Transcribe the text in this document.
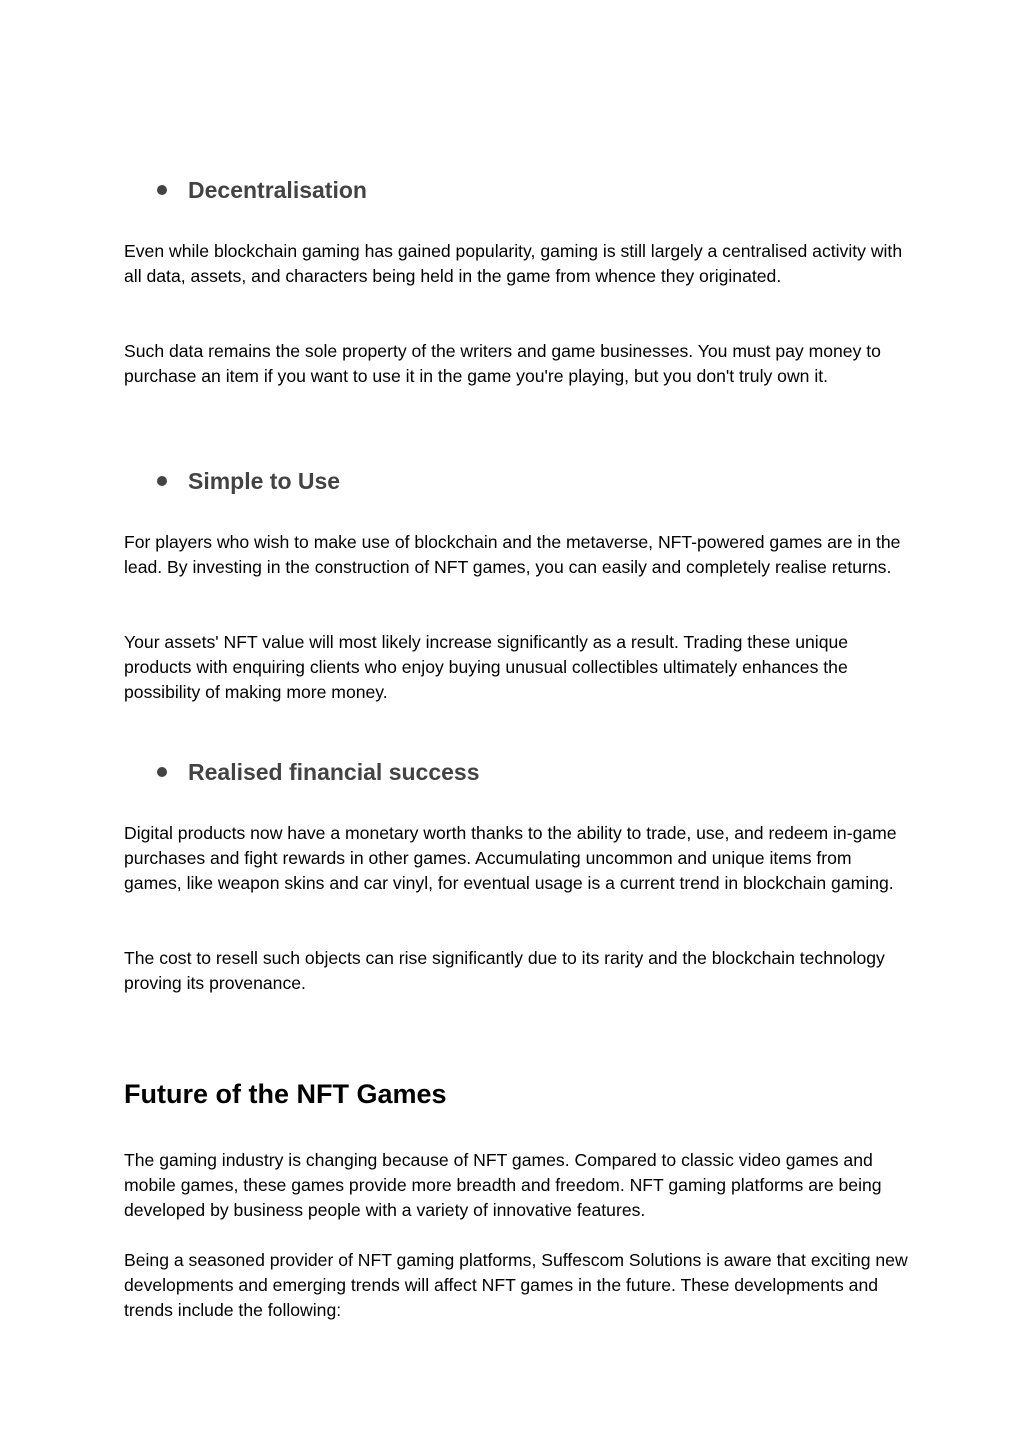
Decentralisation

Even while blockchain gaming has gained popularity, gaming is still largely a centralised activity with all data, assets, and characters being held in the game from whence they originated.

Such data remains the sole property of the writers and game businesses. You must pay money to purchase an item if you want to use it in the game you're playing, but you don't truly own it.

Simple to Use

For players who wish to make use of blockchain and the metaverse, NFT-powered games are in the lead. By investing in the construction of NFT games, you can easily and completely realise returns.

Your assets' NFT value will most likely increase significantly as a result. Trading these unique products with enquiring clients who enjoy buying unusual collectibles ultimately enhances the possibility of making more money.

Realised financial success

Digital products now have a monetary worth thanks to the ability to trade, use, and redeem in-game purchases and fight rewards in other games. Accumulating uncommon and unique items from games, like weapon skins and car vinyl, for eventual usage is a current trend in blockchain gaming.

The cost to resell such objects can rise significantly due to its rarity and the blockchain technology proving its provenance.

Future of the NFT Games

The gaming industry is changing because of NFT games. Compared to classic video games and mobile games, these games provide more breadth and freedom. NFT gaming platforms are being developed by business people with a variety of innovative features.

Being a seasoned provider of NFT gaming platforms, Suffescom Solutions is aware that exciting new developments and emerging trends will affect NFT games in the future. These developments and trends include the following:
